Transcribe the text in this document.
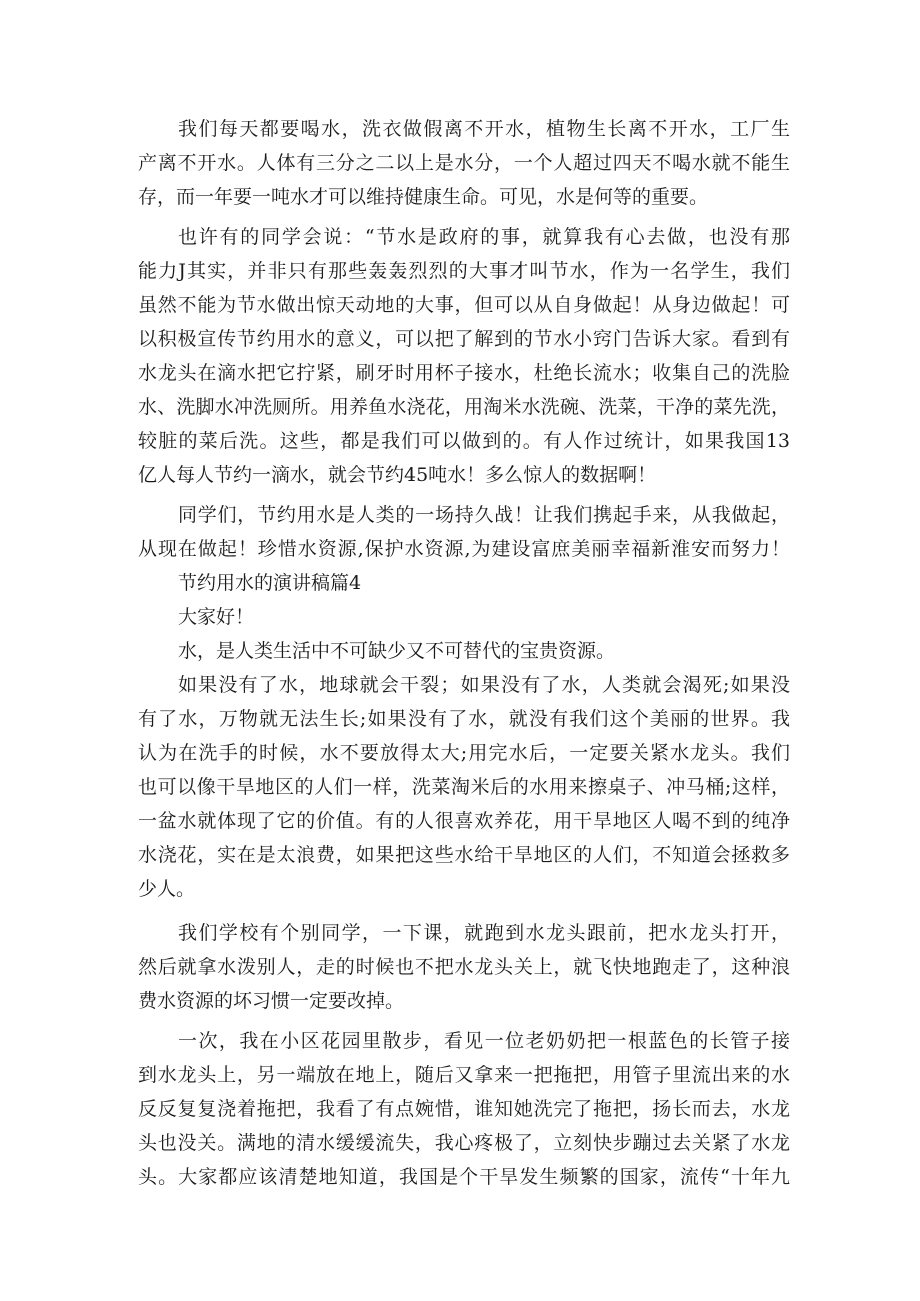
我们每天都要喝水，洗衣做假离不开水，植物生长离不开水，工厂生
产离不开水。人体有三分之二以上是水分，一个人超过四天不喝水就不能生
存，而一年要一吨水才可以维持健康生命。可见，水是何等的重要。
也许有的同学会说：“节水是政府的事，就算我有心去做，也没有那
能力J其实，并非只有那些轰轰烈烈的大事才叫节水，作为一名学生，我们
虽然不能为节水做出惊天动地的大事，但可以从自身做起！从身边做起！可
以积极宣传节约用水的意义，可以把了解到的节水小窍门告诉大家。看到有
水龙头在滴水把它拧紧，刷牙时用杯子接水，杜绝长流水；收集自己的洗脸
水、洗脚水冲洗厕所。用养鱼水浇花，用淘米水洗碗、洗菜，干净的菜先洗，
较脏的菜后洗。这些，都是我们可以做到的。有人作过统计，如果我国13
亿人每人节约一滴水，就会节约45吨水！多么惊人的数据啊！
同学们，节约用水是人类的一场持久战！让我们携起手来，从我做起，
从现在做起！珍惜水资源,保护水资源,为建设富庶美丽幸福新淮安而努力！
节约用水的演讲稿篇4
大家好！
水，是人类生活中不可缺少又不可替代的宝贵资源。
如果没有了水，地球就会干裂；如果没有了水，人类就会渴死;如果没
有了水，万物就无法生长;如果没有了水，就没有我们这个美丽的世界。我
认为在洗手的时候，水不要放得太大;用完水后，一定要关紧水龙头。我们
也可以像干旱地区的人们一样，洗菜淘米后的水用来擦桌子、冲马桶;这样，
一盆水就体现了它的价值。有的人很喜欢养花，用干旱地区人喝不到的纯净
水浇花，实在是太浪费，如果把这些水给干旱地区的人们，不知道会拯救多
少人。
我们学校有个别同学，一下课，就跑到水龙头跟前，把水龙头打开，
然后就拿水泼别人，走的时候也不把水龙头关上，就飞快地跑走了，这种浪
费水资源的坏习惯一定要改掉。
一次，我在小区花园里散步，看见一位老奶奶把一根蓝色的长管子接
到水龙头上，另一端放在地上，随后又拿来一把拖把，用管子里流出来的水
反反复复浇着拖把，我看了有点婉惜，谁知她洗完了拖把，扬长而去，水龙
头也没关。满地的清水缓缓流失，我心疼极了，立刻快步蹦过去关紧了水龙
头。大家都应该清楚地知道，我国是个干旱发生频繁的国家，流传“十年九
